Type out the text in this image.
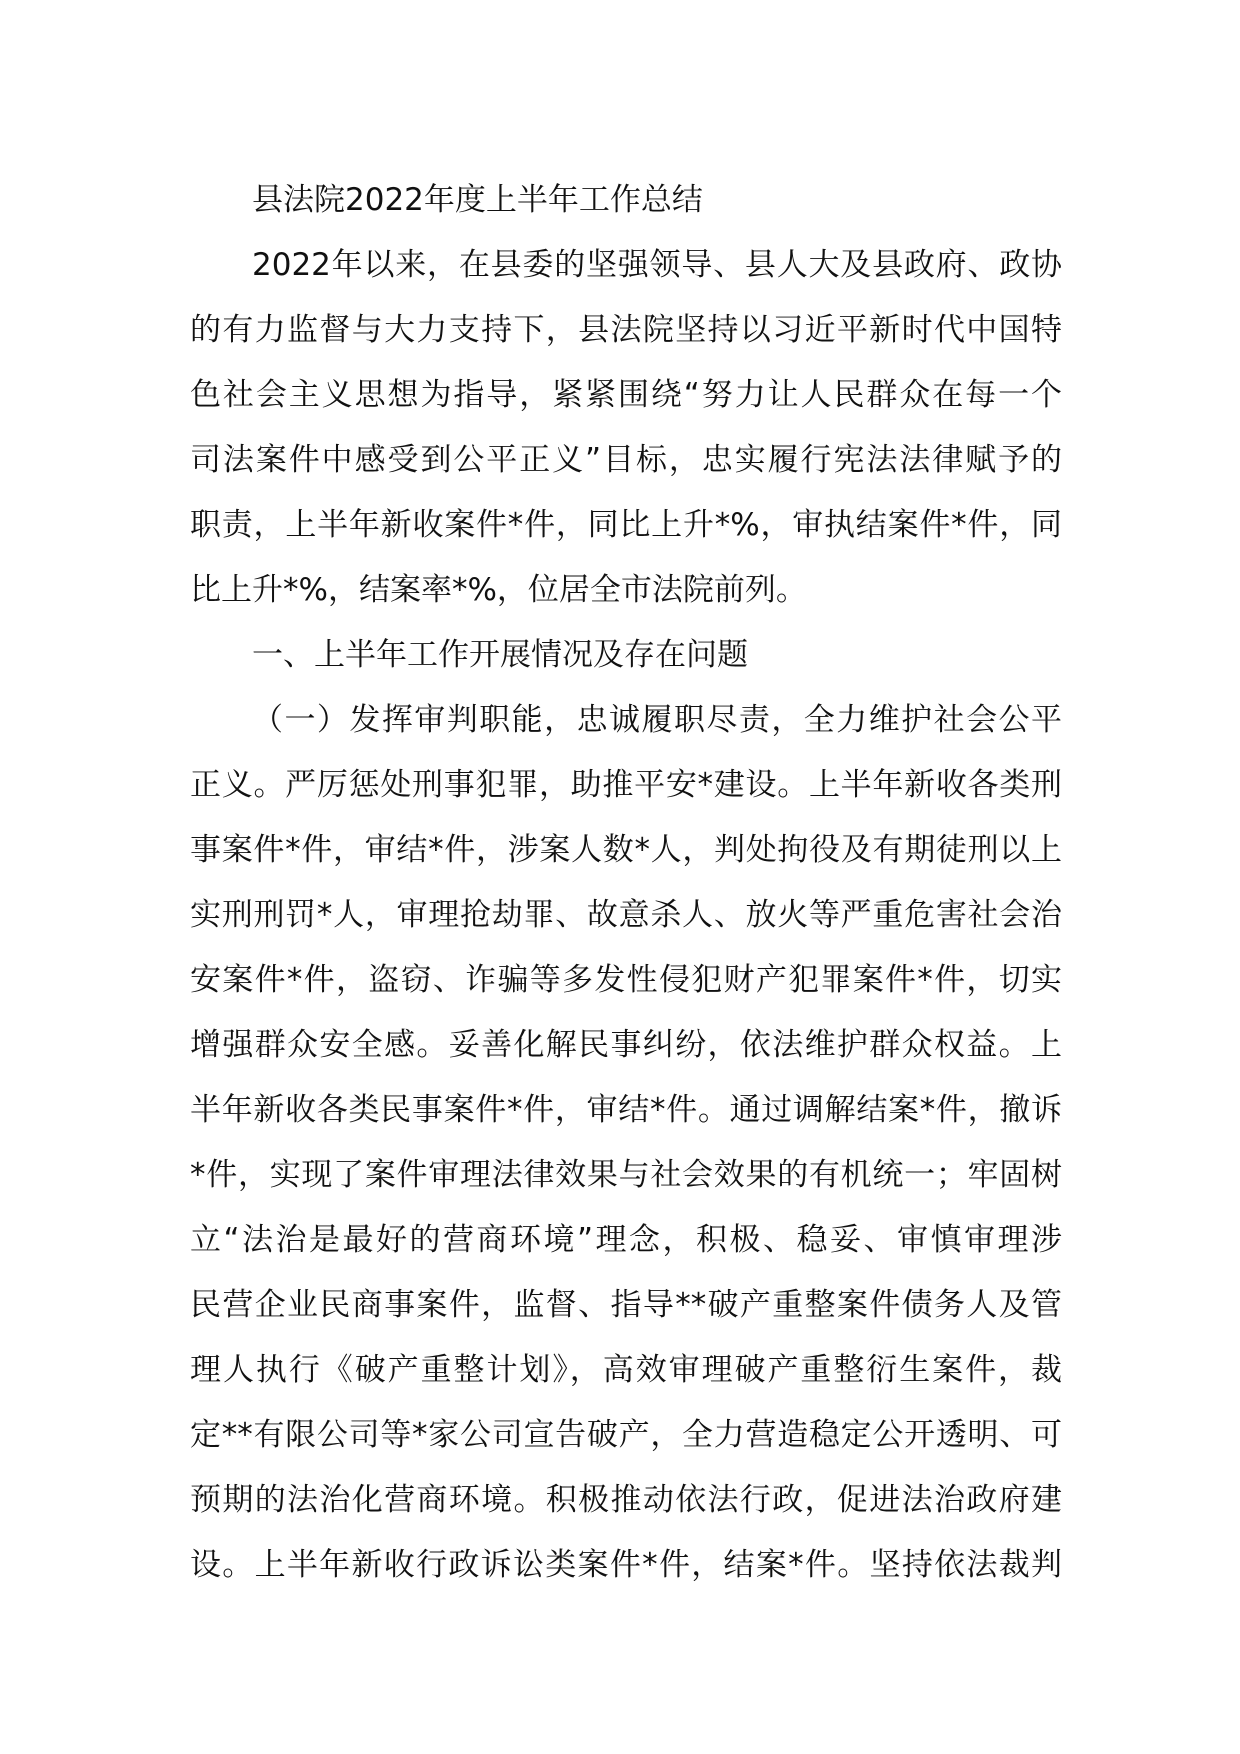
县法院2022年度上半年工作总结
2022年以来，在县委的坚强领导、县人大及县政府、政协
的有力监督与大力支持下，县法院坚持以习近平新时代中国特
色社会主义思想为指导，紧紧围绕“努力让人民群众在每一个
司法案件中感受到公平正义”目标，忠实履行宪法法律赋予的
职责，上半年新收案件*件，同比上升*%，审执结案件*件，同
比上升*%，结案率*%，位居全市法院前列。
一、上半年工作开展情况及存在问题
（一）发挥审判职能，忠诚履职尽责，全力维护社会公平
正义。严厉惩处刑事犯罪，助推平安*建设。上半年新收各类刑
事案件*件，审结*件，涉案人数*人，判处拘役及有期徒刑以上
实刑刑罚*人，审理抢劫罪、故意杀人、放火等严重危害社会治
安案件*件，盗窃、诈骗等多发性侵犯财产犯罪案件*件，切实
增强群众安全感。妥善化解民事纠纷，依法维护群众权益。上
半年新收各类民事案件*件，审结*件。通过调解结案*件，撤诉
*件，实现了案件审理法律效果与社会效果的有机统一；牢固树
立“法治是最好的营商环境”理念，积极、稳妥、审慎审理涉
民营企业民商事案件，监督、指导**破产重整案件债务人及管
理人执行《破产重整计划》，高效审理破产重整衍生案件，裁
定**有限公司等*家公司宣告破产，全力营造稳定公开透明、可
预期的法治化营商环境。积极推动依法行政，促进法治政府建
设。上半年新收行政诉讼类案件*件，结案*件。坚持依法裁判
